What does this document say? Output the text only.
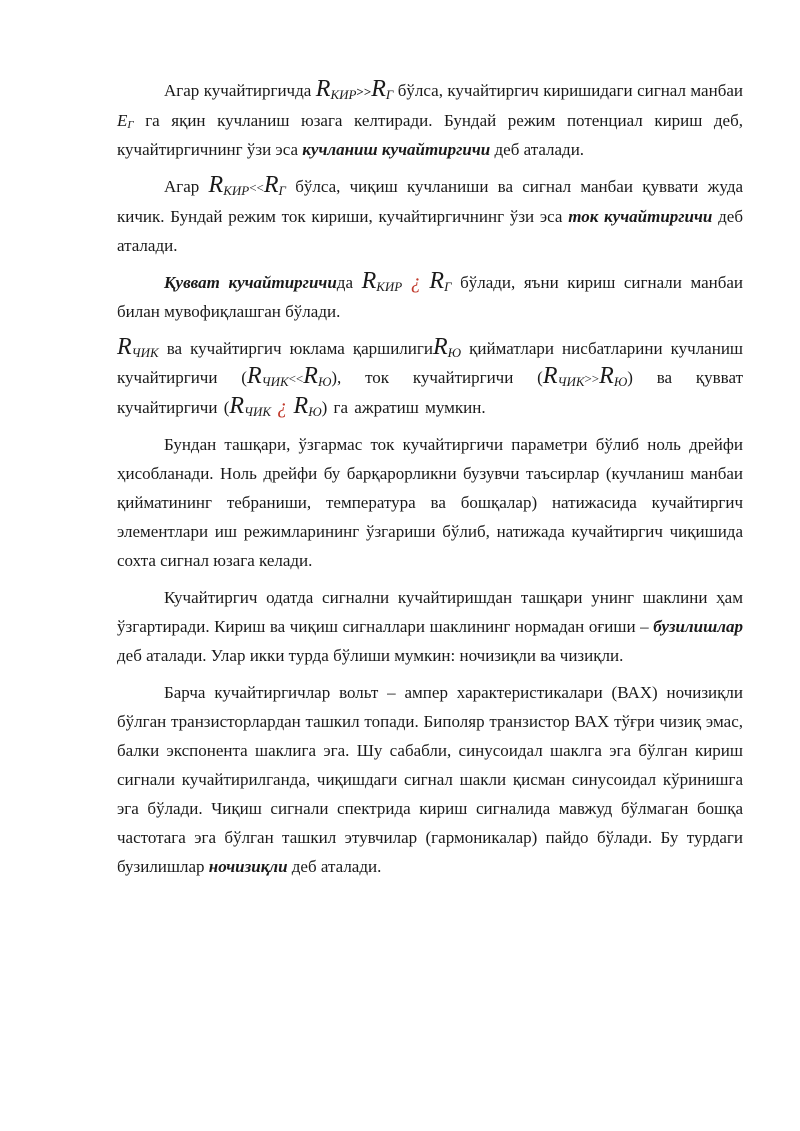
Агар кучайтиргичда RКИР>>RГ бўлса, кучайтиргич киришидаги сигнал манбаи EГ га яқин кучланиш юзага келтиради. Бундай режим потенциал кириш деб, кучайтиргичнинг ўзи эса кучланиш кучайтиргичи деб аталади.

Агар RКИР<<RГ бўлса, чиқиш кучланиши ва сигнал манбаи қуввати жуда кичик. Бундай режим ток кириши, кучайтиргичнинг ўзи эса ток кучайтиргичи деб аталади.

Қувват кучайтиргичида RКИР ¿ RГ бўлади, яъни кириш сигнали манбаи билан мувофиқлашган бўлади.

RЧИК ва кучайтиргич юклама қаршилигиRЮ қийматлари нисбатларини кучланиш кучайтиргичи (RЧИК<<RЮ), ток кучайтиргичи (RЧИК>>RЮ) ва қувват кучайтиргичи (RЧИК ¿ RЮ) га ажратиш мумкин.

Бундан ташқари, ўзгармас ток кучайтиргичи параметри бўлиб ноль дрейфи ҳисобланади. Ноль дрейфи бу барқарорликни бузувчи таъсирлар (кучланиш манбаи қийматининг тебраниши, температура ва бошқалар) натижасида кучайтиргич элементлари иш режимларининг ўзгариши бўлиб, натижада кучайтиргич чиқишида сохта сигнал юзага келади.

Кучайтиргич одатда сигнални кучайтиришдан ташқари унинг шаклини ҳам ўзгартиради. Кириш ва чиқиш сигналлари шаклининг нормадан оғиши – бузилишлар деб аталади. Улар икки турда бўлиши мумкин: ночизиқли ва чизиқли.

Барча кучайтиргичлар вольт – ампер характеристикалари (ВАХ) ночизиқли бўлган транзисторлардан ташкил топади. Биполяр транзистор ВАХ тўғри чизиқ эмас, балки экспонента шаклига эга. Шу сабабли, синусоидал шаклга эга бўлган кириш сигнали кучайтирилганда, чиқишдаги сигнал шакли қисман синусоидал кўринишга эга бўлади. Чиқиш сигнали спектрида кириш сигналида мавжуд бўлмаган бошқа частотага эга бўлган ташкил этувчилар (гармоникалар) пайдо бўлади. Бу турдаги бузилишлар ночизиқли деб аталади.
